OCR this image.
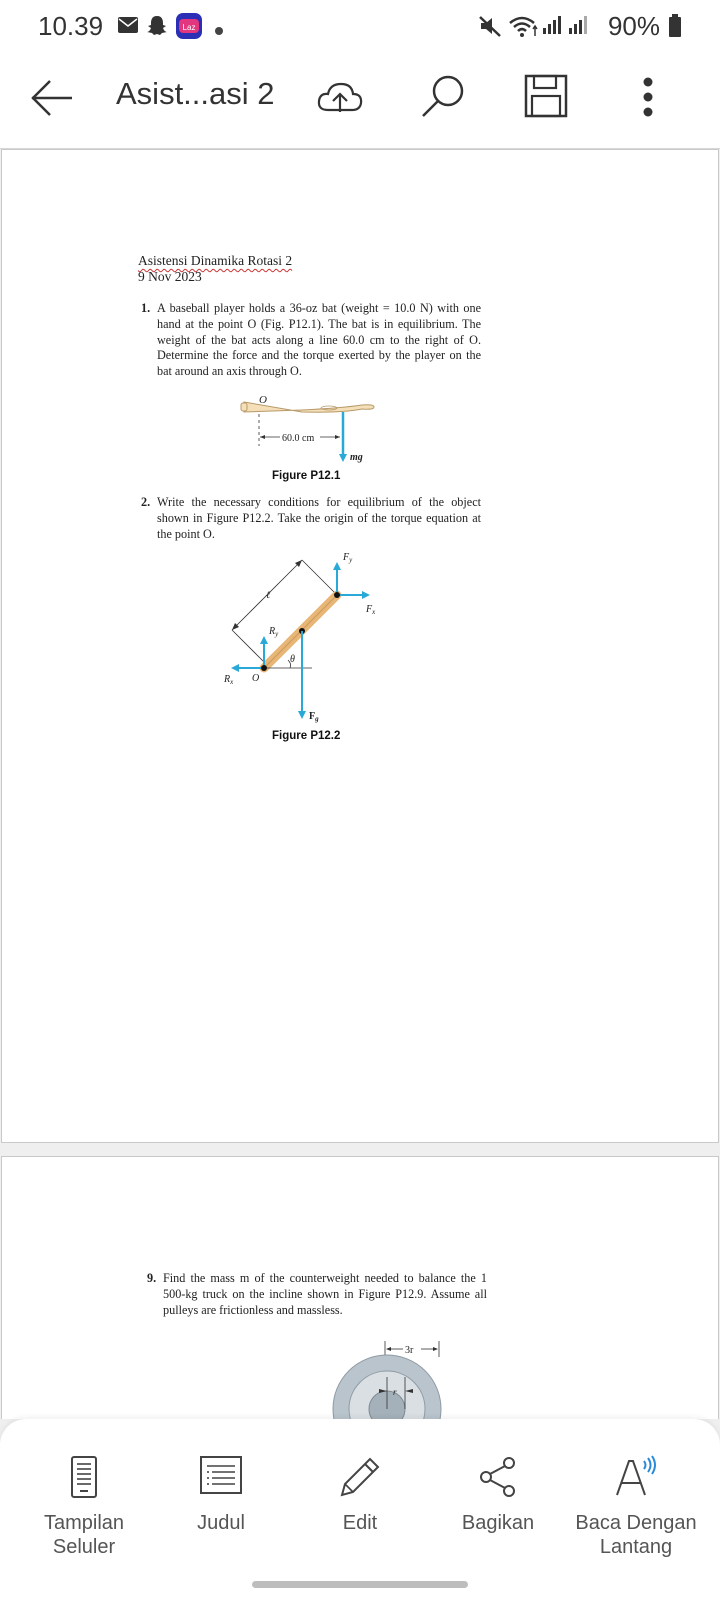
10.39	Laz	90%
Asist...asi 2
Asistensi Dinamika Rotasi 2
9 Nov 2023
1. A baseball player holds a 36-oz bat (weight = 10.0 N) with one hand at the point O (Fig. P12.1). The bat is in equilibrium. The weight of the bat acts along a line 60.0 cm to the right of O. Determine the force and the torque exerted by the player on the bat around an axis through O.
O
60.0 cm
mg
Figure P12.1
2. Write the necessary conditions for equilibrium of the object shown in Figure P12.2. Take the origin of the torque equation at the point O.
ℓ
θ
$F_y$
$F_x$
$R_y$
$R_x$ O
$F_g$
Figure P12.2
9. Find the mass m of the counterweight needed to balance the 1 500-kg truck on the incline shown in Figure P12.9. Assume all pulleys are frictionless and massless.
3r
r
Tampilan Seluler
Judul	Edit	Bagikan	Baca Dengan Lantang
